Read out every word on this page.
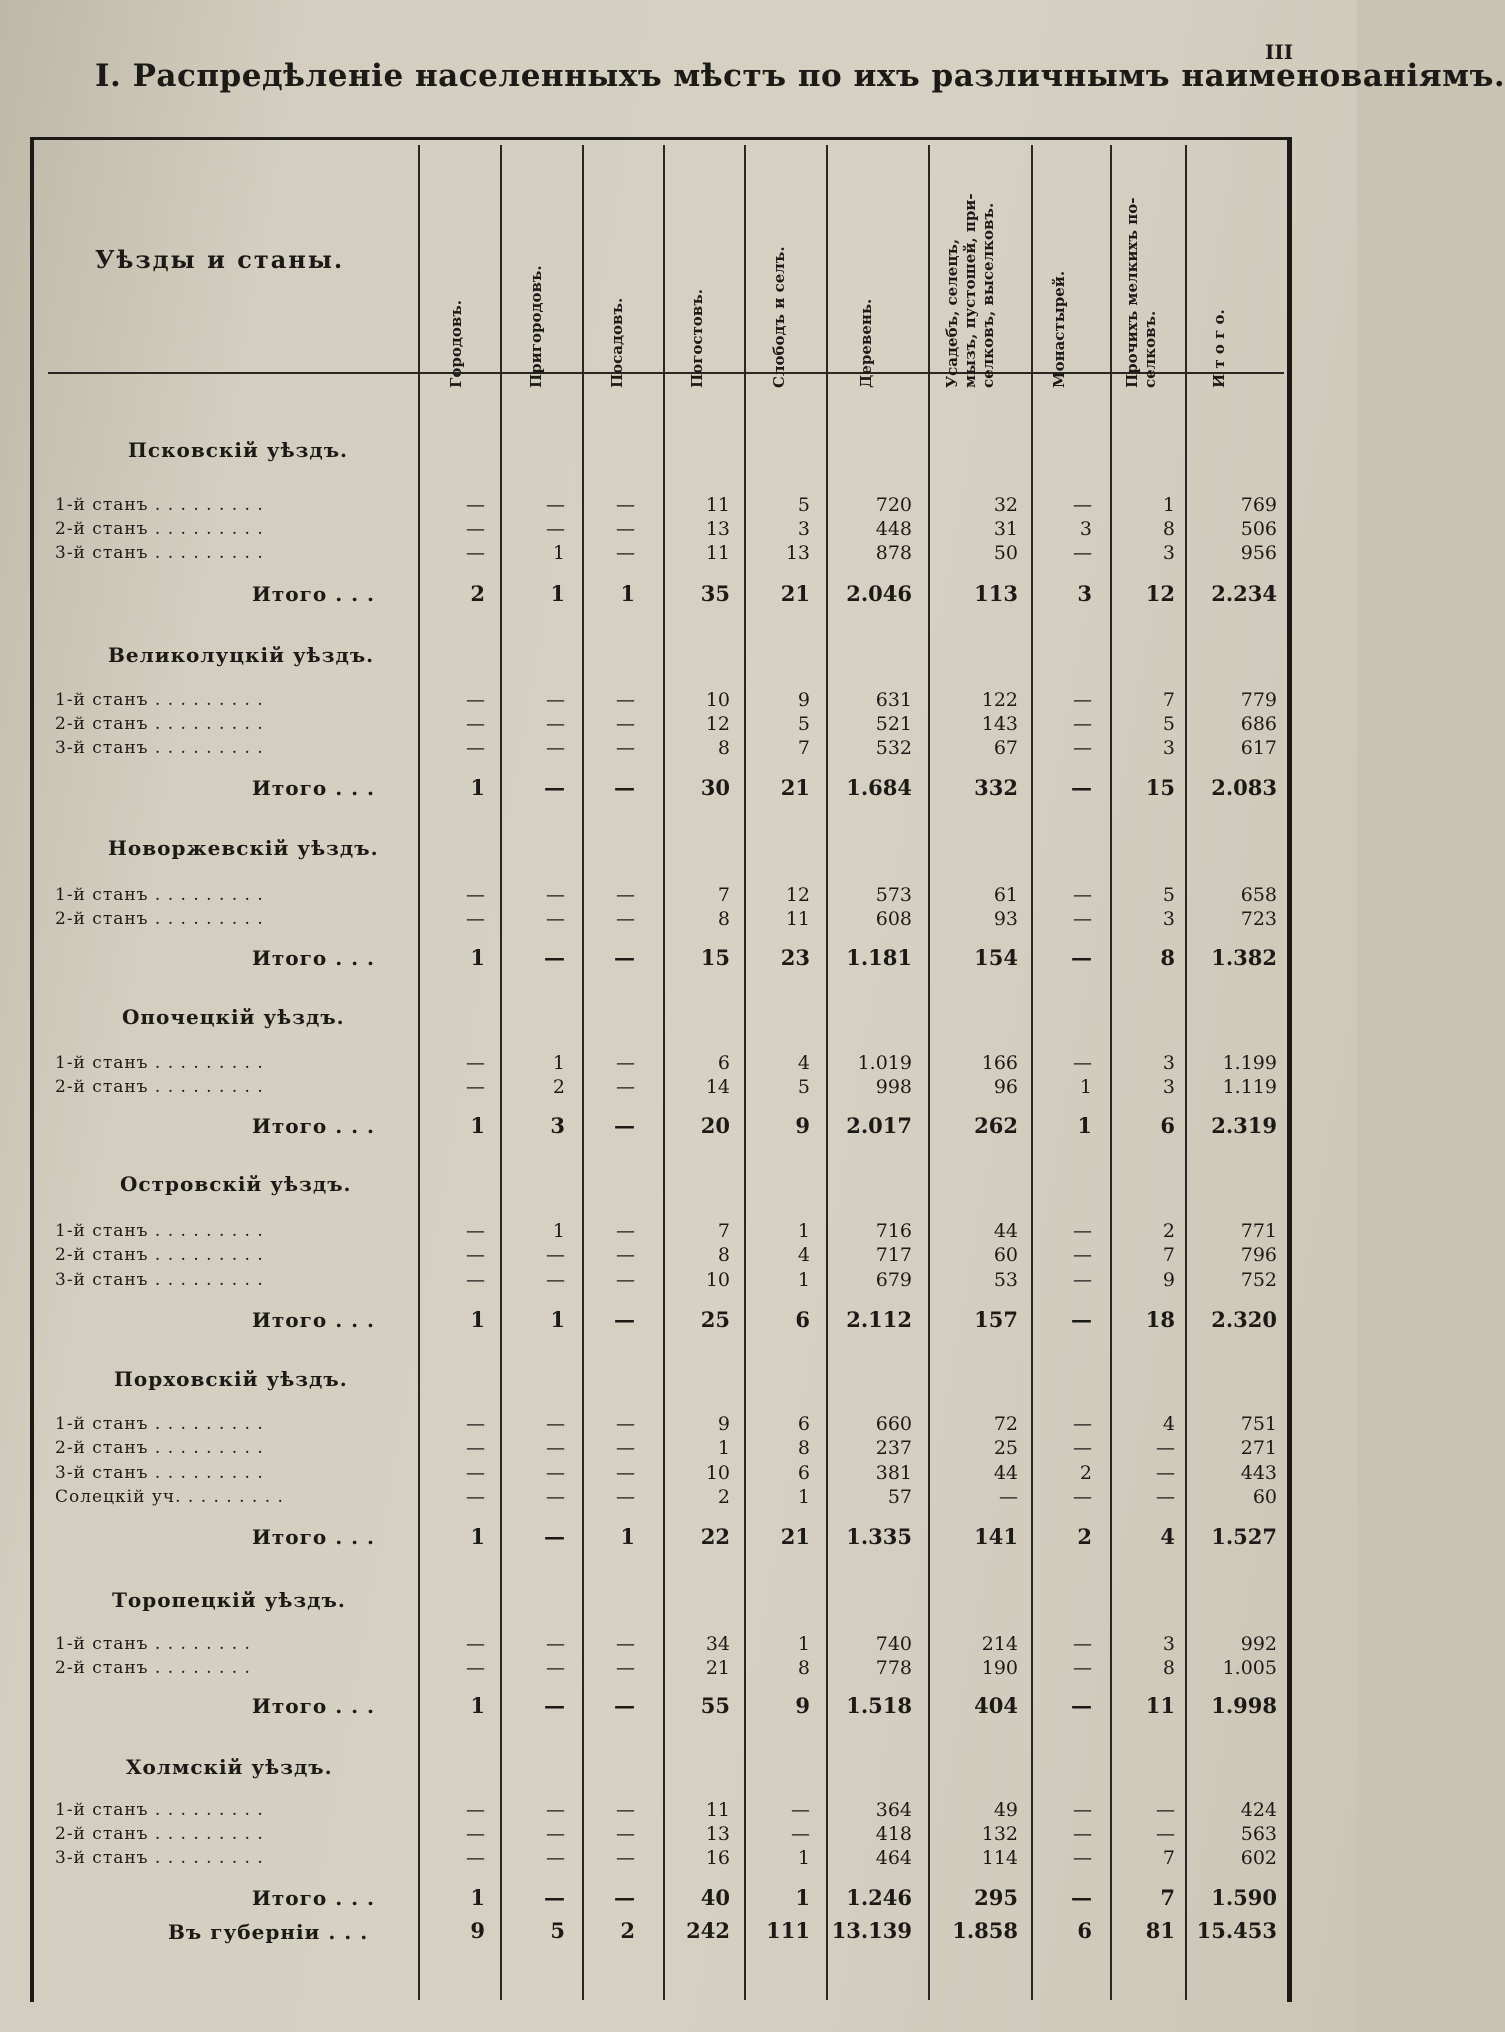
III
I. Распредѣленіе населенныхъ мѣстъ по ихъ различнымъ наименованіямъ.
Уѣзды и станы.
Городовъ.	Пригородовъ.	Посадовъ.	Погостовъ.	Слободъ и селъ.	Деревень.	Усадебъ, селецъ,
мызъ, пустошей, при-
селковъ, выселковъ.
Монастырей.	Прочихъ мелкихъ по-
селковъ.	И т о г о.
Псковскій уѣздъ.
1-й станъ . . . . . . . . .	—	—	—	11	5	720	32	—	1	769
2-й станъ . . . . . . . . .	—	—	—	13	3	448	31	3	8	506
3-й станъ . . . . . . . . .	—	1	—	11	13	878	50	—	3	956
Итого . . .	2	1	1	35	21	2.046	113	3	12	2.234
Великолуцкій уѣздъ.
1-й станъ . . . . . . . . .	—	—	—	10	9	631	122	—	7	779
2-й станъ . . . . . . . . .	—	—	—	12	5	521	143	—	5	686
3-й станъ . . . . . . . . .	—	—	—	8	7	532	67	—	3	617
Итого . . .	1	—	—	30	21	1.684	332	—	15	2.083
Новоржевскій уѣздъ.
1-й станъ . . . . . . . . .	—	—	—	7	12	573	61	—	5	658
2-й станъ . . . . . . . . .	—	—	—	8	11	608	93	—	3	723
Итого . . .	1	—	—	15	23	1.181	154	—	8	1.382
Опочецкій уѣздъ.
1-й станъ . . . . . . . . .	—	1	—	6	4	1.019	166	—	3	1.199
2-й станъ . . . . . . . . .	—	2	—	14	5	998	96	1	3	1.119
Итого . . .	1	3	—	20	9	2.017	262	1	6	2.319
Островскій уѣздъ.
1-й станъ . . . . . . . . .	—	1	—	7	1	716	44	—	2	771
2-й станъ . . . . . . . . .	—	—	—	8	4	717	60	—	7	796
3-й станъ . . . . . . . . .	—	—	—	10	1	679	53	—	9	752
Итого . . .	1	1	—	25	6	2.112	157	—	18	2.320
Порховскій уѣздъ.
1-й станъ . . . . . . . . .	—	—	—	9	6	660	72	—	4	751
2-й станъ . . . . . . . . .	—	—	—	1	8	237	25	—	—	271
3-й станъ . . . . . . . . .	—	—	—	10	6	381	44	2	—	443
Солецкій уч. . . . . . . . .	—	—	—	2	1	57	—	—	—	60
Итого . . .	1	—	1	22	21	1.335	141	2	4	1.527
Торопецкій уѣздъ.
1-й станъ . . . . . . . .	—	—	—	34	1	740	214	—	3	992
2-й станъ . . . . . . . .	—	—	—	21	8	778	190	—	8	1.005
Итого . . .	1	—	—	55	9	1.518	404	—	11	1.998
Холмскій уѣздъ.
1-й станъ . . . . . . . . .	—	—	—	11	—	364	49	—	—	424
2-й станъ . . . . . . . . .	—	—	—	13	—	418	132	—	—	563
3-й станъ . . . . . . . . .	—	—	—	16	1	464	114	—	7	602
Итого . . .	1	—	—	40	1	1.246	295	—	7	1.590
Въ губерніи . . .	9	5	2	242	111	13.139	1.858	6	81	15.453
